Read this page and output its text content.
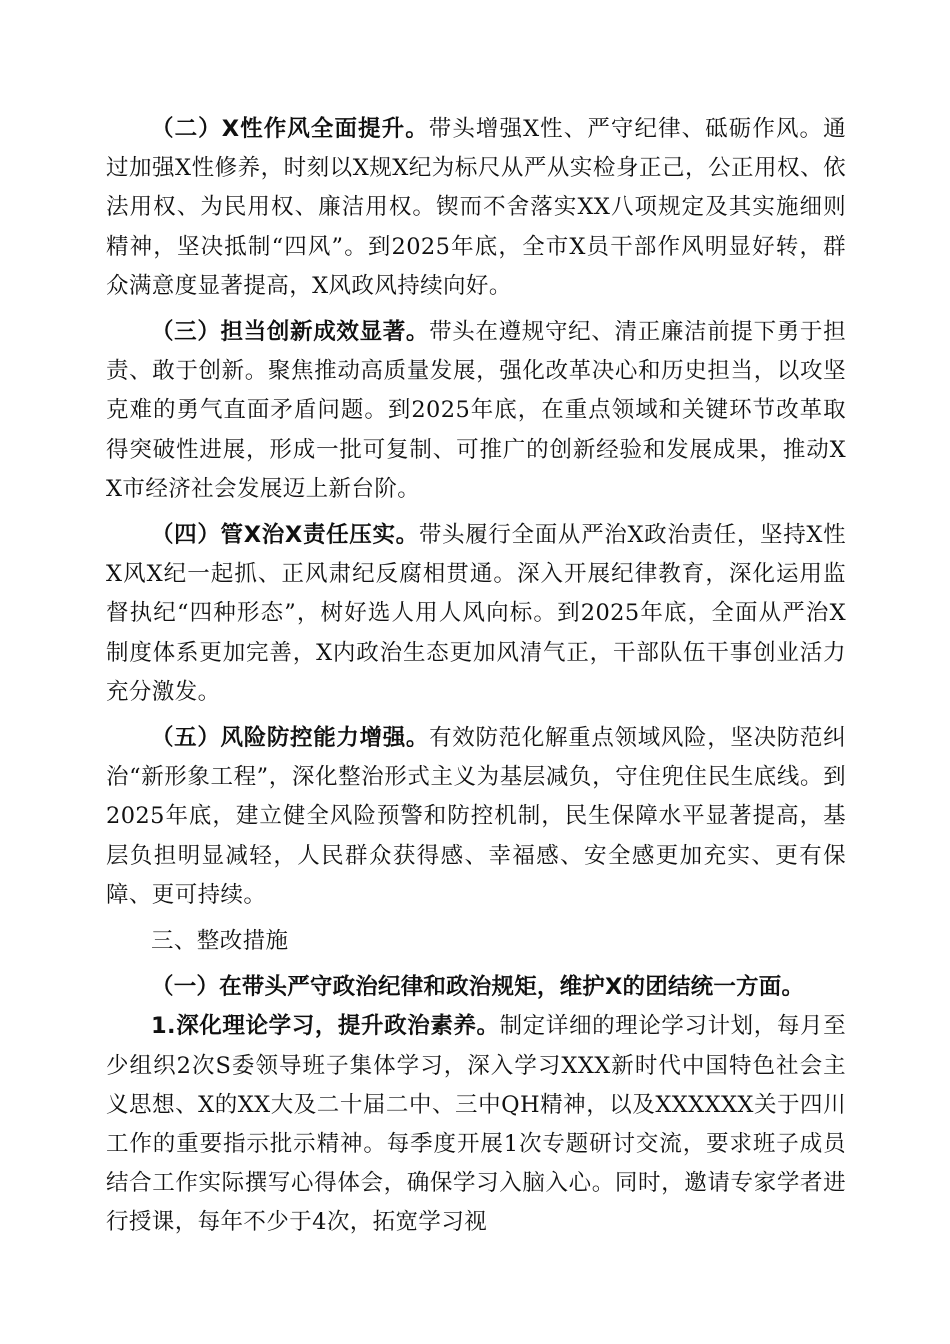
（二）X性作风全面提升。带头增强X性、严守纪律、砥砺作风。通过加强X性修养，时刻以X规X纪为标尺从严从实检身正己，公正用权、依法用权、为民用权、廉洁用权。锲而不舍落实XX八项规定及其实施细则精神，坚决抵制“四风”。到2025年底，全市X员干部作风明显好转，群众满意度显著提高，X风政风持续向好。

（三）担当创新成效显著。带头在遵规守纪、清正廉洁前提下勇于担责、敢于创新。聚焦推动高质量发展，强化改革决心和历史担当，以攻坚克难的勇气直面矛盾问题。到2025年底，在重点领域和关键环节改革取得突破性进展，形成一批可复制、可推广的创新经验和发展成果，推动XX市经济社会发展迈上新台阶。

（四）管X治X责任压实。带头履行全面从严治X政治责任，坚持X性X风X纪一起抓、正风肃纪反腐相贯通。深入开展纪律教育，深化运用监督执纪“四种形态”，树好选人用人风向标。到2025年底，全面从严治X制度体系更加完善，X内政治生态更加风清气正，干部队伍干事创业活力充分激发。

（五）风险防控能力增强。有效防范化解重点领域风险，坚决防范纠治“新形象工程”，深化整治形式主义为基层减负，守住兜住民生底线。到2025年底，建立健全风险预警和防控机制，民生保障水平显著提高，基层负担明显减轻，人民群众获得感、幸福感、安全感更加充实、更有保障、更可持续。

三、整改措施

（一）在带头严守政治纪律和政治规矩，维护X的团结统一方面。

1.深化理论学习，提升政治素养。制定详细的理论学习计划，每月至少组织2次S委领导班子集体学习，深入学习XXX新时代中国特色社会主义思想、X的XX大及二十届二中、三中QH精神，以及XXXXXX关于四川工作的重要指示批示精神。每季度开展1次专题研讨交流，要求班子成员结合工作实际撰写心得体会，确保学习入脑入心。同时，邀请专家学者进行授课，每年不少于4次，拓宽学习视
